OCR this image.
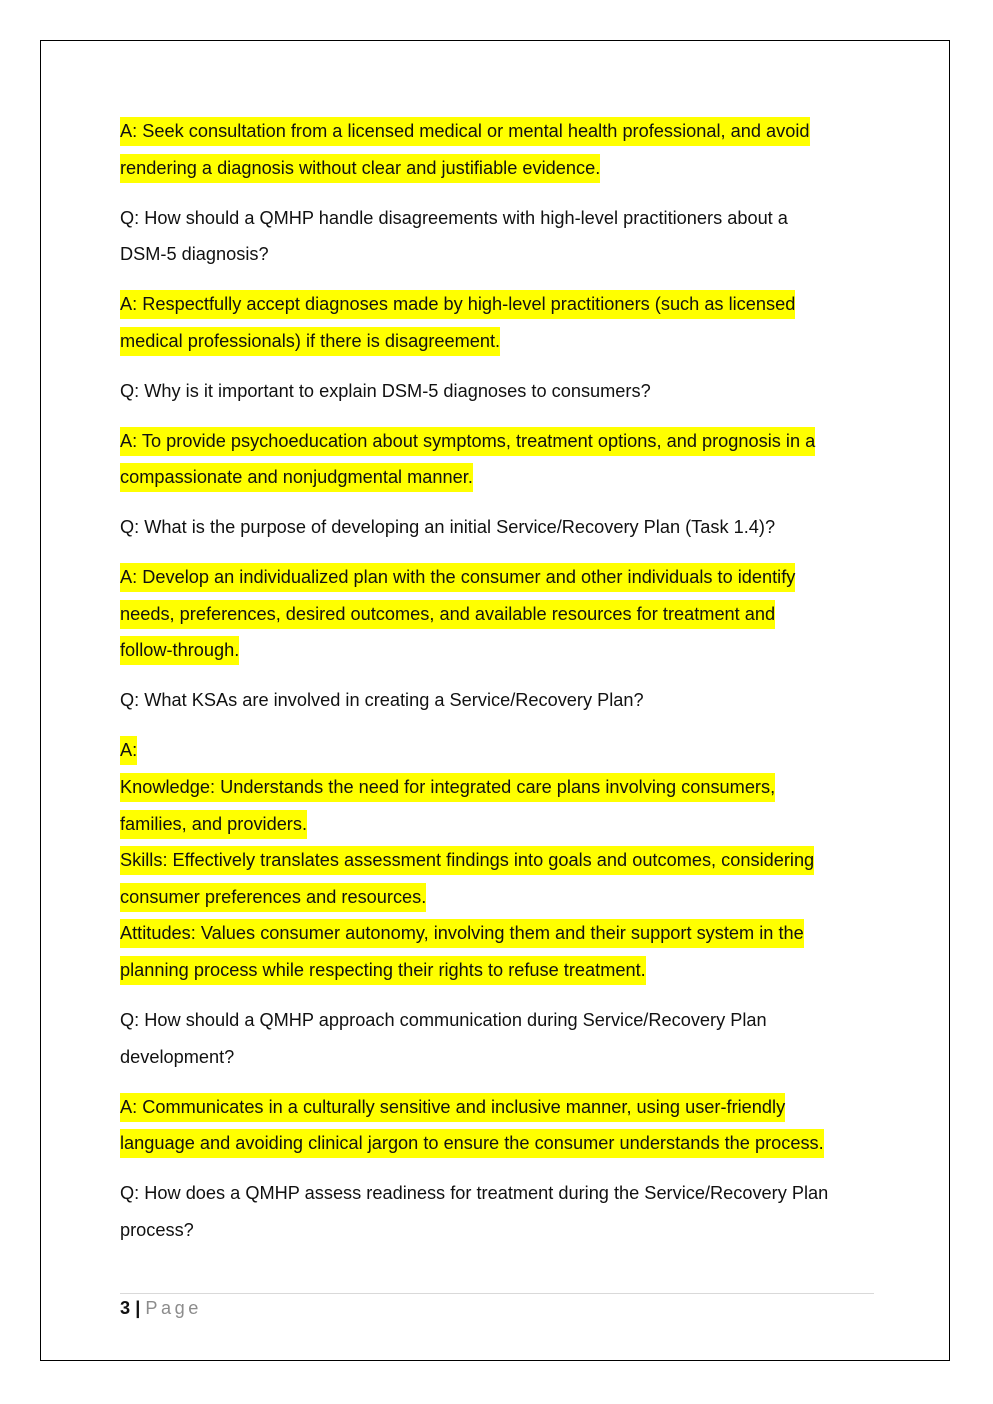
A: Seek consultation from a licensed medical or mental health professional, and avoid
rendering a diagnosis without clear and justifiable evidence.
Q: How should a QMHP handle disagreements with high-level practitioners about a
DSM-5 diagnosis?
A: Respectfully accept diagnoses made by high-level practitioners (such as licensed
medical professionals) if there is disagreement.
Q: Why is it important to explain DSM-5 diagnoses to consumers?
A: To provide psychoeducation about symptoms, treatment options, and prognosis in a
compassionate and nonjudgmental manner.
Q: What is the purpose of developing an initial Service/Recovery Plan (Task 1.4)?
A: Develop an individualized plan with the consumer and other individuals to identify
needs, preferences, desired outcomes, and available resources for treatment and
follow-through.
Q: What KSAs are involved in creating a Service/Recovery Plan?
A:
Knowledge: Understands the need for integrated care plans involving consumers,
families, and providers.
Skills: Effectively translates assessment findings into goals and outcomes, considering
consumer preferences and resources.
Attitudes: Values consumer autonomy, involving them and their support system in the
planning process while respecting their rights to refuse treatment.
Q: How should a QMHP approach communication during Service/Recovery Plan
development?
A: Communicates in a culturally sensitive and inclusive manner, using user-friendly
language and avoiding clinical jargon to ensure the consumer understands the process.
Q: How does a QMHP assess readiness for treatment during the Service/Recovery Plan
process?
3 | Page
